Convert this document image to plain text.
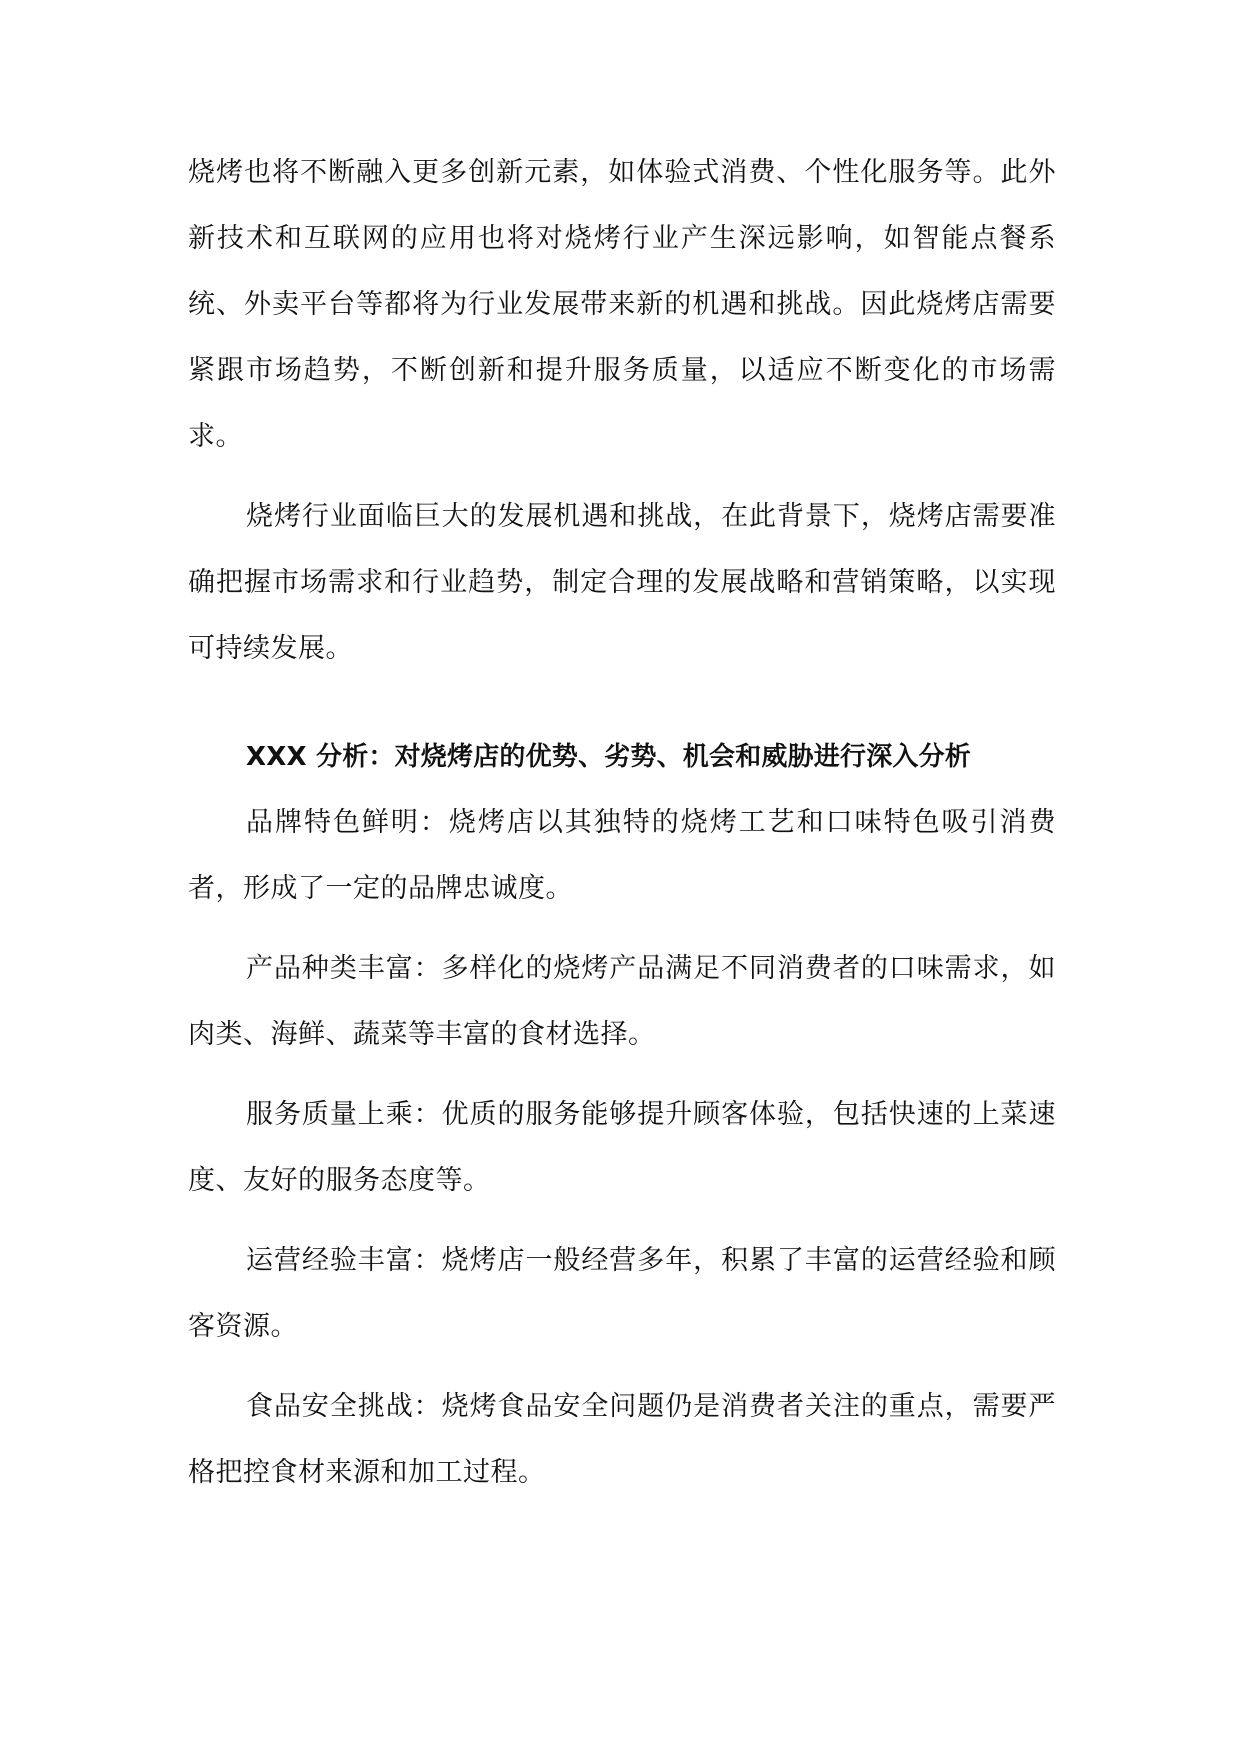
烧烤也将不断融入更多创新元素，如体验式消费、个性化服务等。此外新技术和互联网的应用也将对烧烤行业产生深远影响，如智能点餐系统、外卖平台等都将为行业发展带来新的机遇和挑战。因此烧烤店需要紧跟市场趋势，不断创新和提升服务质量，以适应不断变化的市场需求。

烧烤行业面临巨大的发展机遇和挑战，在此背景下，烧烤店需要准确把握市场需求和行业趋势，制定合理的发展战略和营销策略，以实现可持续发展。

XXX 分析：对烧烤店的优势、劣势、机会和威胁进行深入分析

品牌特色鲜明：烧烤店以其独特的烧烤工艺和口味特色吸引消费者，形成了一定的品牌忠诚度。

产品种类丰富：多样化的烧烤产品满足不同消费者的口味需求，如肉类、海鲜、蔬菜等丰富的食材选择。

服务质量上乘：优质的服务能够提升顾客体验，包括快速的上菜速度、友好的服务态度等。

运营经验丰富：烧烤店一般经营多年，积累了丰富的运营经验和顾客资源。

食品安全挑战：烧烤食品安全问题仍是消费者关注的重点，需要严格把控食材来源和加工过程。
